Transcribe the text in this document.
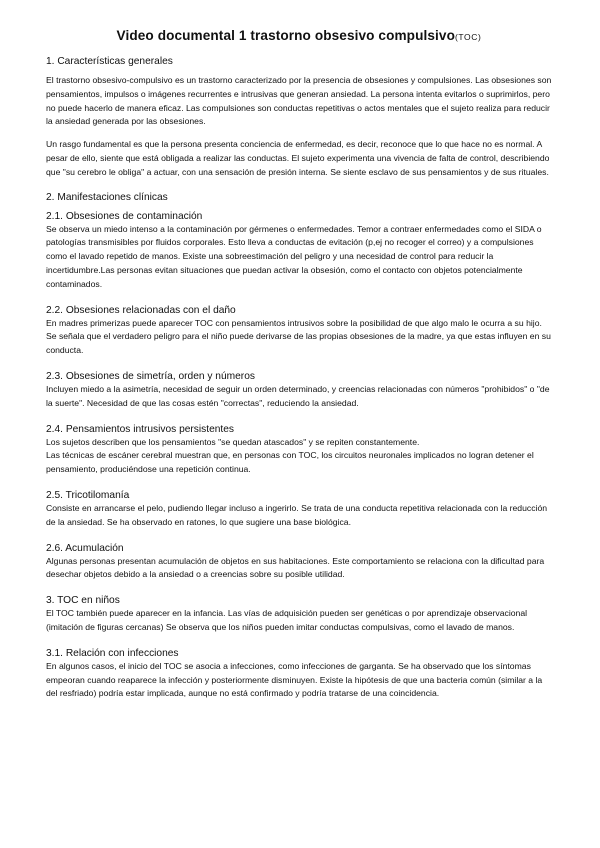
Video documental 1 trastorno obsesivo compulsivo(TOC)
1. Características generales

El trastorno obsesivo-compulsivo es un trastorno caracterizado por la presencia de obsesiones y compulsiones. Las obsesiones son pensamientos, impulsos o imágenes recurrentes e intrusivas que generan ansiedad. La persona intenta evitarlos o suprimirlos, pero no puede hacerlo de manera eficaz. Las compulsiones son conductas repetitivas o actos mentales que el sujeto realiza para reducir la ansiedad generada por las obsesiones.

Un rasgo fundamental es que la persona presenta conciencia de enfermedad, es decir, reconoce que lo que hace no es normal. A pesar de ello, siente que está obligada a realizar las conductas. El sujeto experimenta una vivencia de falta de control, describiendo que "su cerebro le obliga" a actuar, con una sensación de presión interna. Se siente esclavo de sus pensamientos y de sus rituales.

2. Manifestaciones clínicas
2.1. Obsesiones de contaminación

Se observa un miedo intenso a la contaminación por gérmenes o enfermedades. Temor a contraer enfermedades como el SIDA o patologías transmisibles por fluidos corporales. Esto lleva a conductas de evitación (p,ej no recoger el correo) y a compulsiones como el lavado repetido de manos. Existe una sobreestimación del peligro y una necesidad de control para reducir la incertidumbre.Las personas evitan situaciones que puedan activar la obsesión, como el contacto con objetos potencialmente contaminados.

2.2. Obsesiones relacionadas con el daño

En madres primerizas puede aparecer TOC con pensamientos intrusivos sobre la posibilidad de que algo malo le ocurra a su hijo. Se señala que el verdadero peligro para el niño puede derivarse de las propias obsesiones de la madre, ya que estas influyen en su conducta.

2.3. Obsesiones de simetría, orden y números

Incluyen miedo a la asimetría, necesidad de seguir un orden determinado, y creencias relacionadas con números "prohibidos" o "de la suerte". Necesidad de que las cosas estén "correctas", reduciendo la ansiedad.

2.4. Pensamientos intrusivos persistentes

Los sujetos describen que los pensamientos "se quedan atascados" y se repiten constantemente.

Las técnicas de escáner cerebral muestran que, en personas con TOC, los circuitos neuronales implicados no logran detener el pensamiento, produciéndose una repetición continua.

2.5. Tricotilomanía

Consiste en arrancarse el pelo, pudiendo llegar incluso a ingerirlo. Se trata de una conducta repetitiva relacionada con la reducción de la ansiedad. Se ha observado en ratones, lo que sugiere una base biológica.

2.6. Acumulación

Algunas personas presentan acumulación de objetos en sus habitaciones. Este comportamiento se relaciona con la dificultad para desechar objetos debido a la ansiedad o a creencias sobre su posible utilidad.

3. TOC en niños

El TOC también puede aparecer en la infancia. Las vías de adquisición pueden ser genéticas o por aprendizaje observacional (imitación de figuras cercanas) Se observa que los niños pueden imitar conductas compulsivas, como el lavado de manos.

3.1. Relación con infecciones

En algunos casos, el inicio del TOC se asocia a infecciones, como infecciones de garganta. Se ha observado que los síntomas empeoran cuando reaparece la infección y posteriormente disminuyen. Existe la hipótesis de que una bacteria común (similar a la del resfriado) podría estar implicada, aunque no está confirmado y podría tratarse de una coincidencia.
